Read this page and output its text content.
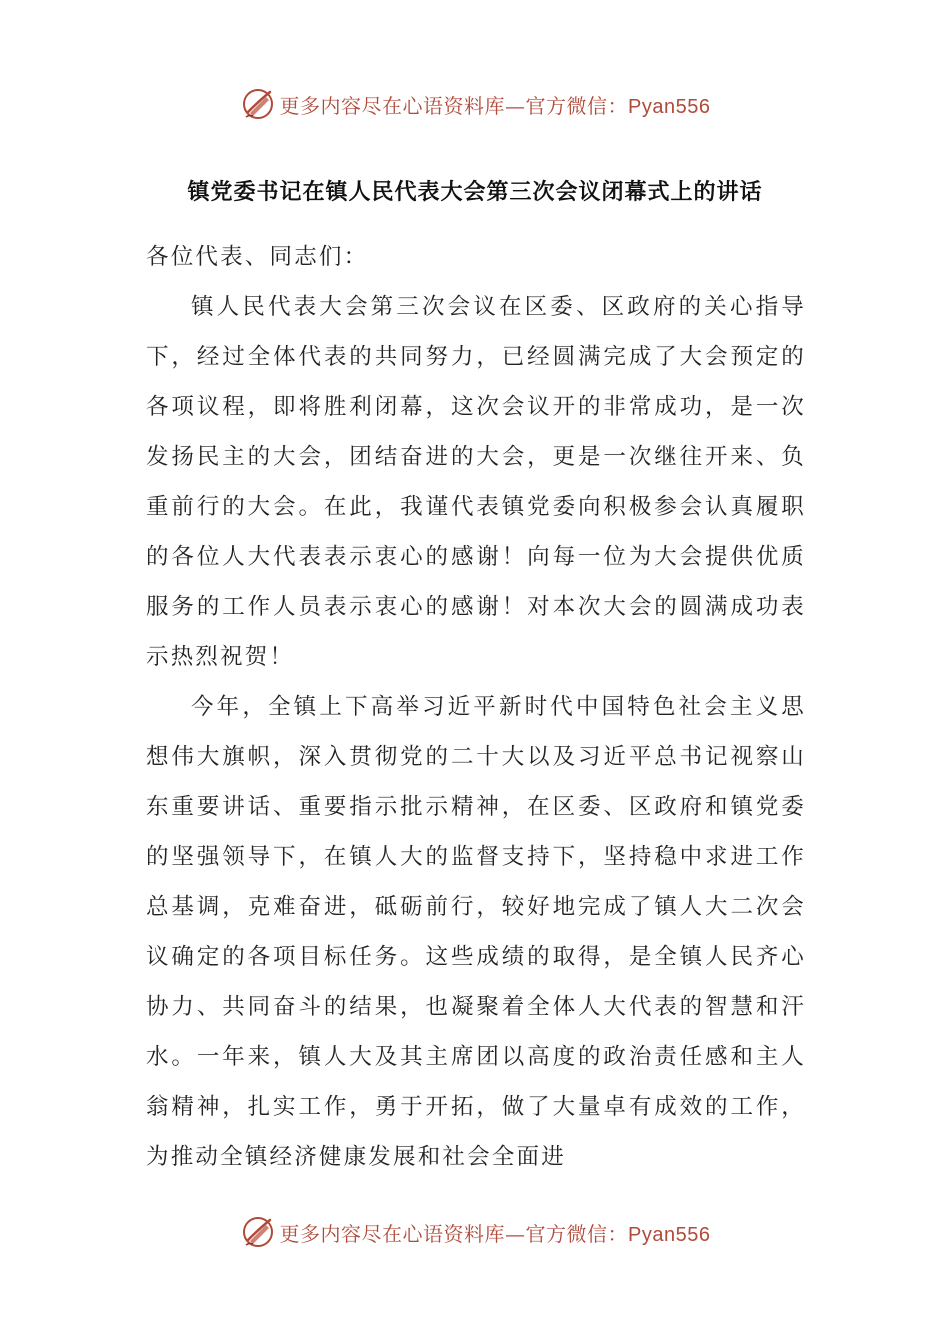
更多内容尽在心语资料库—官方微信：Pyan556
镇党委书记在镇人民代表大会第三次会议闭幕式上的讲话

各位代表、同志们：

镇人民代表大会第三次会议在区委、区政府的关心指导下，经过全体代表的共同努力，已经圆满完成了大会预定的各项议程，即将胜利闭幕，这次会议开的非常成功，是一次发扬民主的大会，团结奋进的大会，更是一次继往开来、负重前行的大会。在此，我谨代表镇党委向积极参会认真履职的各位人大代表表示衷心的感谢！向每一位为大会提供优质服务的工作人员表示衷心的感谢！对本次大会的圆满成功表示热烈祝贺！

今年，全镇上下高举习近平新时代中国特色社会主义思想伟大旗帜，深入贯彻党的二十大以及习近平总书记视察山东重要讲话、重要指示批示精神，在区委、区政府和镇党委的坚强领导下，在镇人大的监督支持下，坚持稳中求进工作总基调，克难奋进，砥砺前行，较好地完成了镇人大二次会议确定的各项目标任务。这些成绩的取得，是全镇人民齐心协力、共同奋斗的结果，也凝聚着全体人大代表的智慧和汗水。一年来，镇人大及其主席团以高度的政治责任感和主人翁精神，扎实工作，勇于开拓，做了大量卓有成效的工作，为推动全镇经济健康发展和社会全面进

更多内容尽在心语资料库—官方微信：Pyan556
